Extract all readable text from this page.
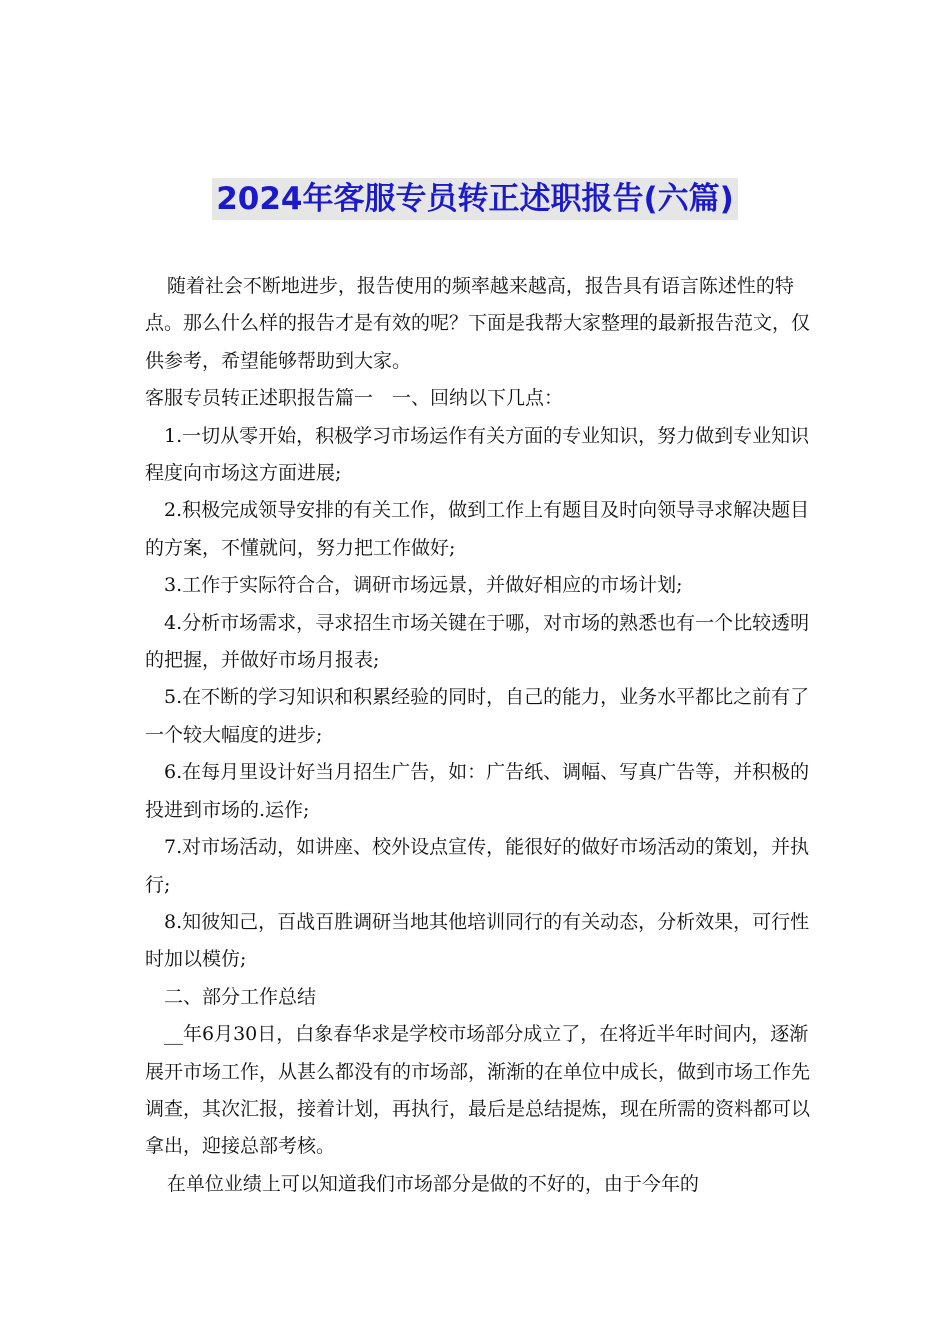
2024年客服专员转正述职报告(六篇)

随着社会不断地进步，报告使用的频率越来越高，报告具有语言陈述性的特点。那么什么样的报告才是有效的呢？下面是我帮大家整理的最新报告范文，仅供参考，希望能够帮助到大家。

客服专员转正述职报告篇一　一、回纳以下几点：

1.一切从零开始，积极学习市场运作有关方面的专业知识，努力做到专业知识程度向市场这方面进展;

2.积极完成领导安排的有关工作，做到工作上有题目及时向领导寻求解决题目的方案，不懂就问，努力把工作做好;

3.工作于实际符合合，调研市场远景，并做好相应的市场计划;

4.分析市场需求，寻求招生市场关键在于哪，对市场的熟悉也有一个比较透明的把握，并做好市场月报表;

5.在不断的学习知识和积累经验的同时，自己的能力，业务水平都比之前有了一个较大幅度的进步;

6.在每月里设计好当月招生广告，如：广告纸、调幅、写真广告等，并积极的投进到市场的.运作;

7.对市场活动，如讲座、校外设点宣传，能很好的做好市场活动的策划，并执行;

8.知彼知己，百战百胜调研当地其他培训同行的有关动态，分析效果，可行性时加以模仿;

二、部分工作总结

__年6月30日，白象春华求是学校市场部分成立了，在将近半年时间内，逐渐展开市场工作，从甚么都没有的市场部，渐渐的在单位中成长，做到市场工作先调查，其次汇报，接着计划，再执行，最后是总结提炼，现在所需的资料都可以拿出，迎接总部考核。

在单位业绩上可以知道我们市场部分是做的不好的，由于今年的
